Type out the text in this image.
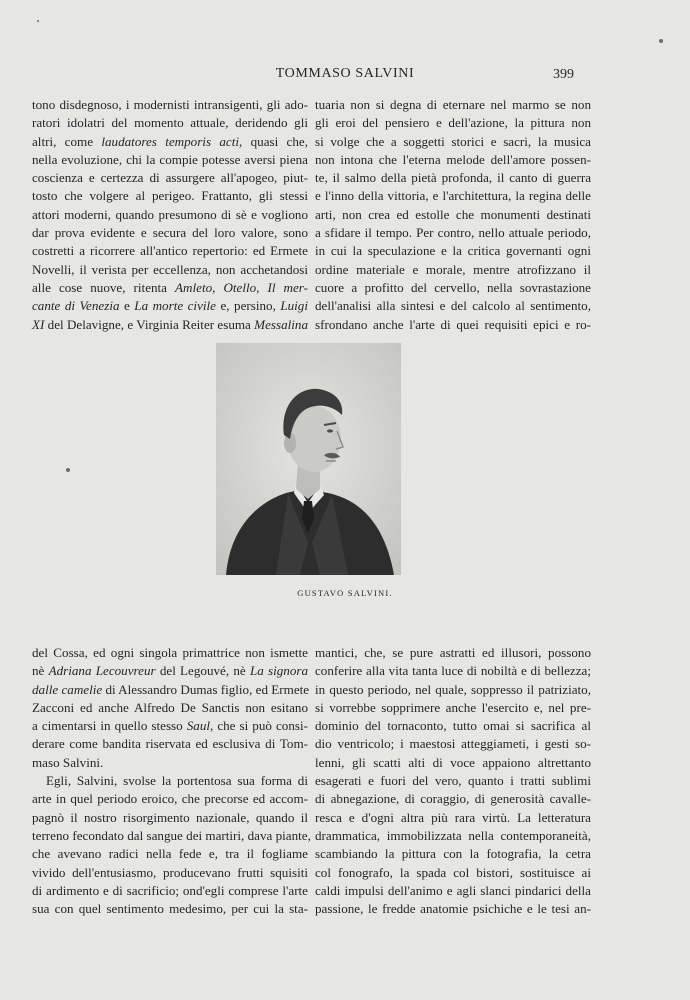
TOMMASO SALVINI	399
tono disdegnoso, i modernisti intransigenti, gli ado-
ratori idolatri del momento attuale, deridendo gli
altri, come laudatores temporis acti, quasi che,
nella evoluzione, chi la compie potesse aversi piena
coscienza e certezza di assurgere all'apogeo, piut-
tosto che volgere al perigeo. Frattanto, gli stessi
attori moderni, quando presumono di sè e vogliono
dar prova evidente e secura del loro valore, sono
costretti a ricorrere all'antico repertorio: ed Ermete
Novelli, il verista per eccellenza, non acchetandosi
alle cose nuove, ritenta Amleto, Otello, Il mer-
cante di Venezia e La morte civile e, persino, Luigi
XI del Delavigne, e Virginia Reiter esuma Messalina
tuaria non si degna di eternare nel marmo se non
gli eroi del pensiero e dell'azione, la pittura non
si volge che a soggetti storici e sacri, la musica
non intona che l'eterna melode dell'amore possen-
te, il salmo della pietà profonda, il canto di guerra
e l'inno della vittoria, e l'architettura, la regina delle
arti, non crea ed estolle che monumenti destinati
a sfidare il tempo. Per contro, nello attuale periodo,
in cui la speculazione e la critica governanti ogni
ordine materiale e morale, mentre atrofizzano il
cuore a profitto del cervello, nella sovrastazione
dell'analisi alla sintesi e del calcolo al sentimento,
sfrondano anche l'arte di quei requisiti epici e ro-
GUSTAVO SALVINI.
del Cossa, ed ogni singola primattrice non ismette
nè Adriana Lecouvreur del Legouvé, nè La signora
dalle camelie di Alessandro Dumas figlio, ed Ermete
Zacconi ed anche Alfredo De Sanctis non esitano
a cimentarsi in quello stesso Saul, che si può consi-
derare come bandita riservata ed esclusiva di Tom-
maso Salvini.
Egli, Salvini, svolse la portentosa sua forma di
arte in quel periodo eroico, che precorse ed accom-
pagnò il nostro risorgimento nazionale, quando il
terreno fecondato dal sangue dei martiri, dava piante,
che avevano radici nella fede e, tra il fogliame
vivido dell'entusiasmo, producevano frutti squisiti
di ardimento e di sacrificio; ond'egli comprese l'arte
sua con quel sentimento medesimo, per cui la sta-
mantici, che, se pure astratti ed illusori, possono
conferire alla vita tanta luce di nobiltà e di bellezza;
in questo periodo, nel quale, soppresso il patriziato,
si vorrebbe sopprimere anche l'esercito e, nel pre-
dominio del tornaconto, tutto omai si sacrifica al
dio ventricolo; i maestosi atteggiameti, i gesti so-
lenni, gli scatti alti di voce appaiono altrettanto
esagerati e fuori del vero, quanto i tratti sublimi
di abnegazione, di coraggio, di generosità cavalle-
resca e d'ogni altra più rara virtù. La letteratura
drammatica, immobilizzata nella contemporaneità,
scambiando la pittura con la fotografia, la cetra
col fonografo, la spada col bistori, sostituisce ai
caldi impulsi dell'animo e agli slanci pindarici della
passione, le fredde anatomie psichiche e le tesi an-
